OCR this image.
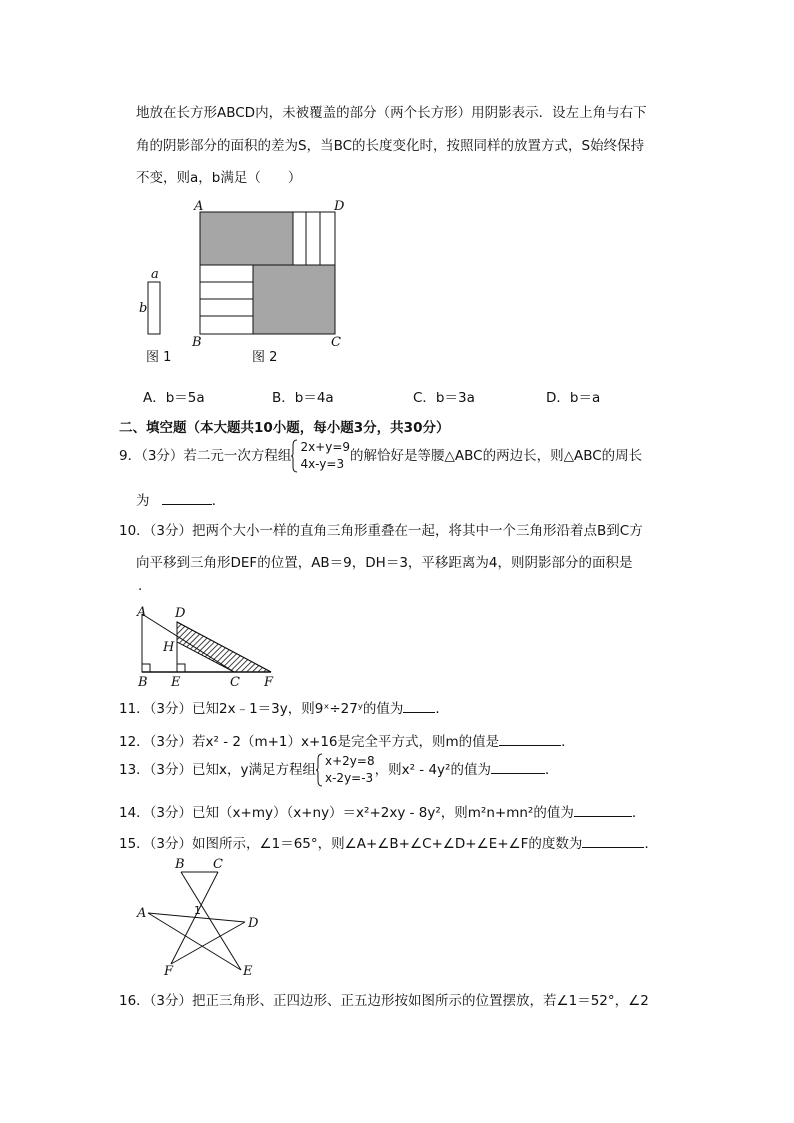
地放在长方形ABCD内，未被覆盖的部分（两个长方形）用阴影表示．设左上角与右下
角的阴影部分的面积的差为S，当BC的长度变化时，按照同样的放置方式，S始终保持
不变，则a，b满足（　　）
a
b
A	D
B	C
图 1	图 2
A．b＝5a	B．b＝4a	C．b＝3a	D．b＝a
二、填空题（本大题共10小题，每小题3分，共30分）
9．（3分）若二元一次方程组
2x+y=9
4x-y=3 的解恰好是等腰△ABC的两边长，则△ABC的周长
为	．
10．（3分）把两个大小一样的直角三角形重叠在一起，将其中一个三角形沿着点B到C方
向平移到三角形DEF的位置，AB＝9，DH＝3，平移距离为4，则阴影部分的面积是
.
A D
H
B E	C F
11．（3分）已知2x﹣1＝3y，则9ˣ÷27ʸ的值为 ．
12．（3分）若x² - 2（m+1）x+16是完全平方式，则m的值是	．
13．（3分）已知x，y满足方程组
x+2y=8
x-2y=-3 ，则x² - 4y²的值为	．
14．（3分）已知（x+my）（x+ny）＝x²+2xy - 8y²，则m²n+mn²的值为	．
15．（3分）如图所示，∠1＝65°，则∠A+∠B+∠C+∠D+∠E+∠F的度数为	．
B C
A	1
D
F	E
16．（3分）把正三角形、正四边形、正五边形按如图所示的位置摆放，若∠1＝52°，∠2
